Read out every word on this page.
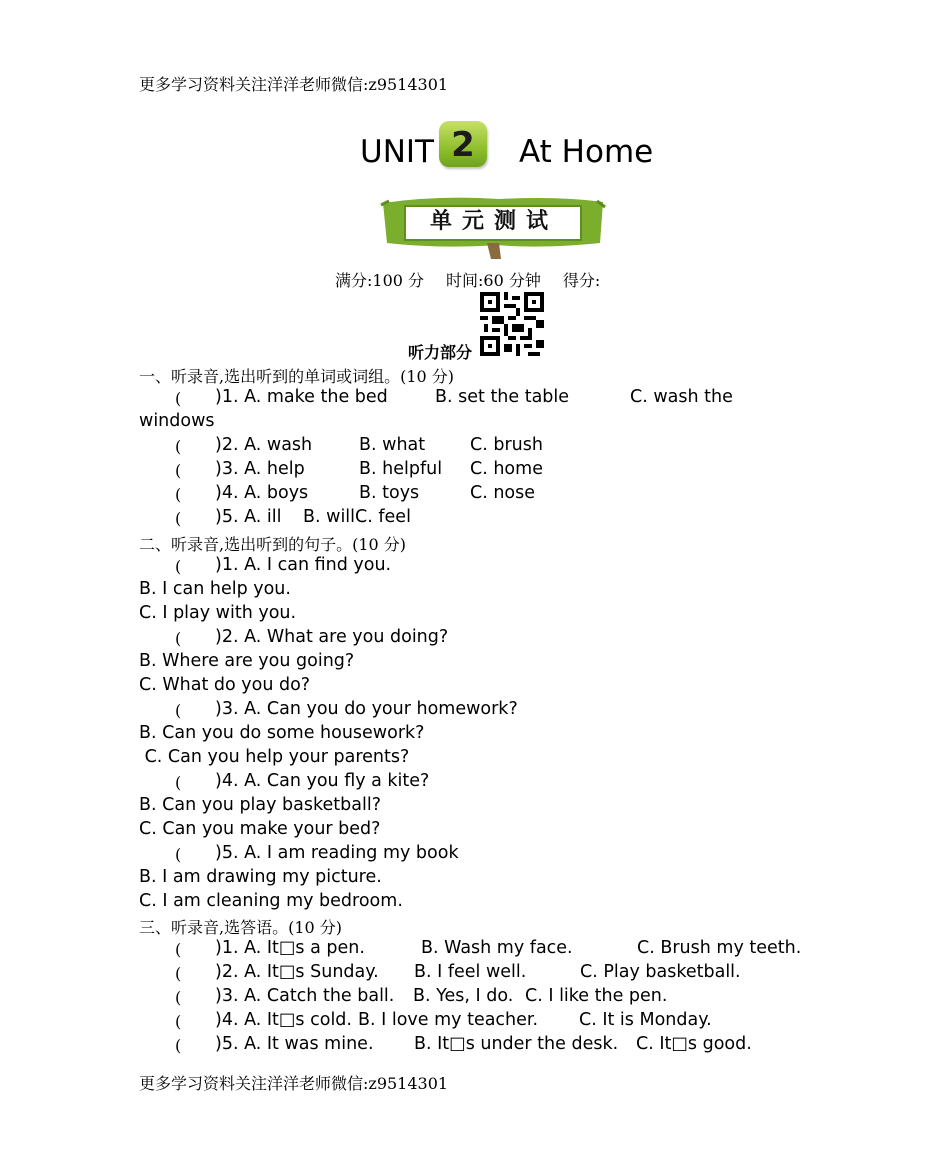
更多学习资料关注洋洋老师微信:z9514301
UNIT 2	At Home
单元测试
满分:100 分 时间:60 分钟 得分:
听力部分
一、听录音,选出听到的单词或词组。(10 分)
( )1. A. make the bed	B. set the table	C. wash the
windows
( )2. A. wash	B. what	C. brush
( )3. A. help	B. helpful C. home
( )4. A. boys	B. toys	C. nose
( )5. A. ill B. willC. feel
二、听录音,选出听到的句子。(10 分)
( )1. A. I can find you.
B. I can help you.
C. I play with you.
( )2. A. What are you doing?
B. Where are you going?
C. What do you do?
( )3. A. Can you do your homework?
B. Can you do some housework?
C. Can you help your parents?
( )4. A. Can you fly a kite?
B. Can you play basketball?
C. Can you make your bed?
( )5. A. I am reading my book
B. I am drawing my picture.
C. I am cleaning my bedroom.
三、听录音,选答语。(10 分)
( )1. A. It□s a pen.	B. Wash my face.	C. Brush my teeth.
( )2. A. It□s Sunday. B. I feel well.	C. Play basketball.
( )3. A. Catch the ball. B. Yes, I do. C. I like the pen.
( )4. A. It□s cold. B. I love my teacher. C. It is Monday.
( )5. A. It was mine. B. It□s under the desk. C. It□s good.
更多学习资料关注洋洋老师微信:z9514301
